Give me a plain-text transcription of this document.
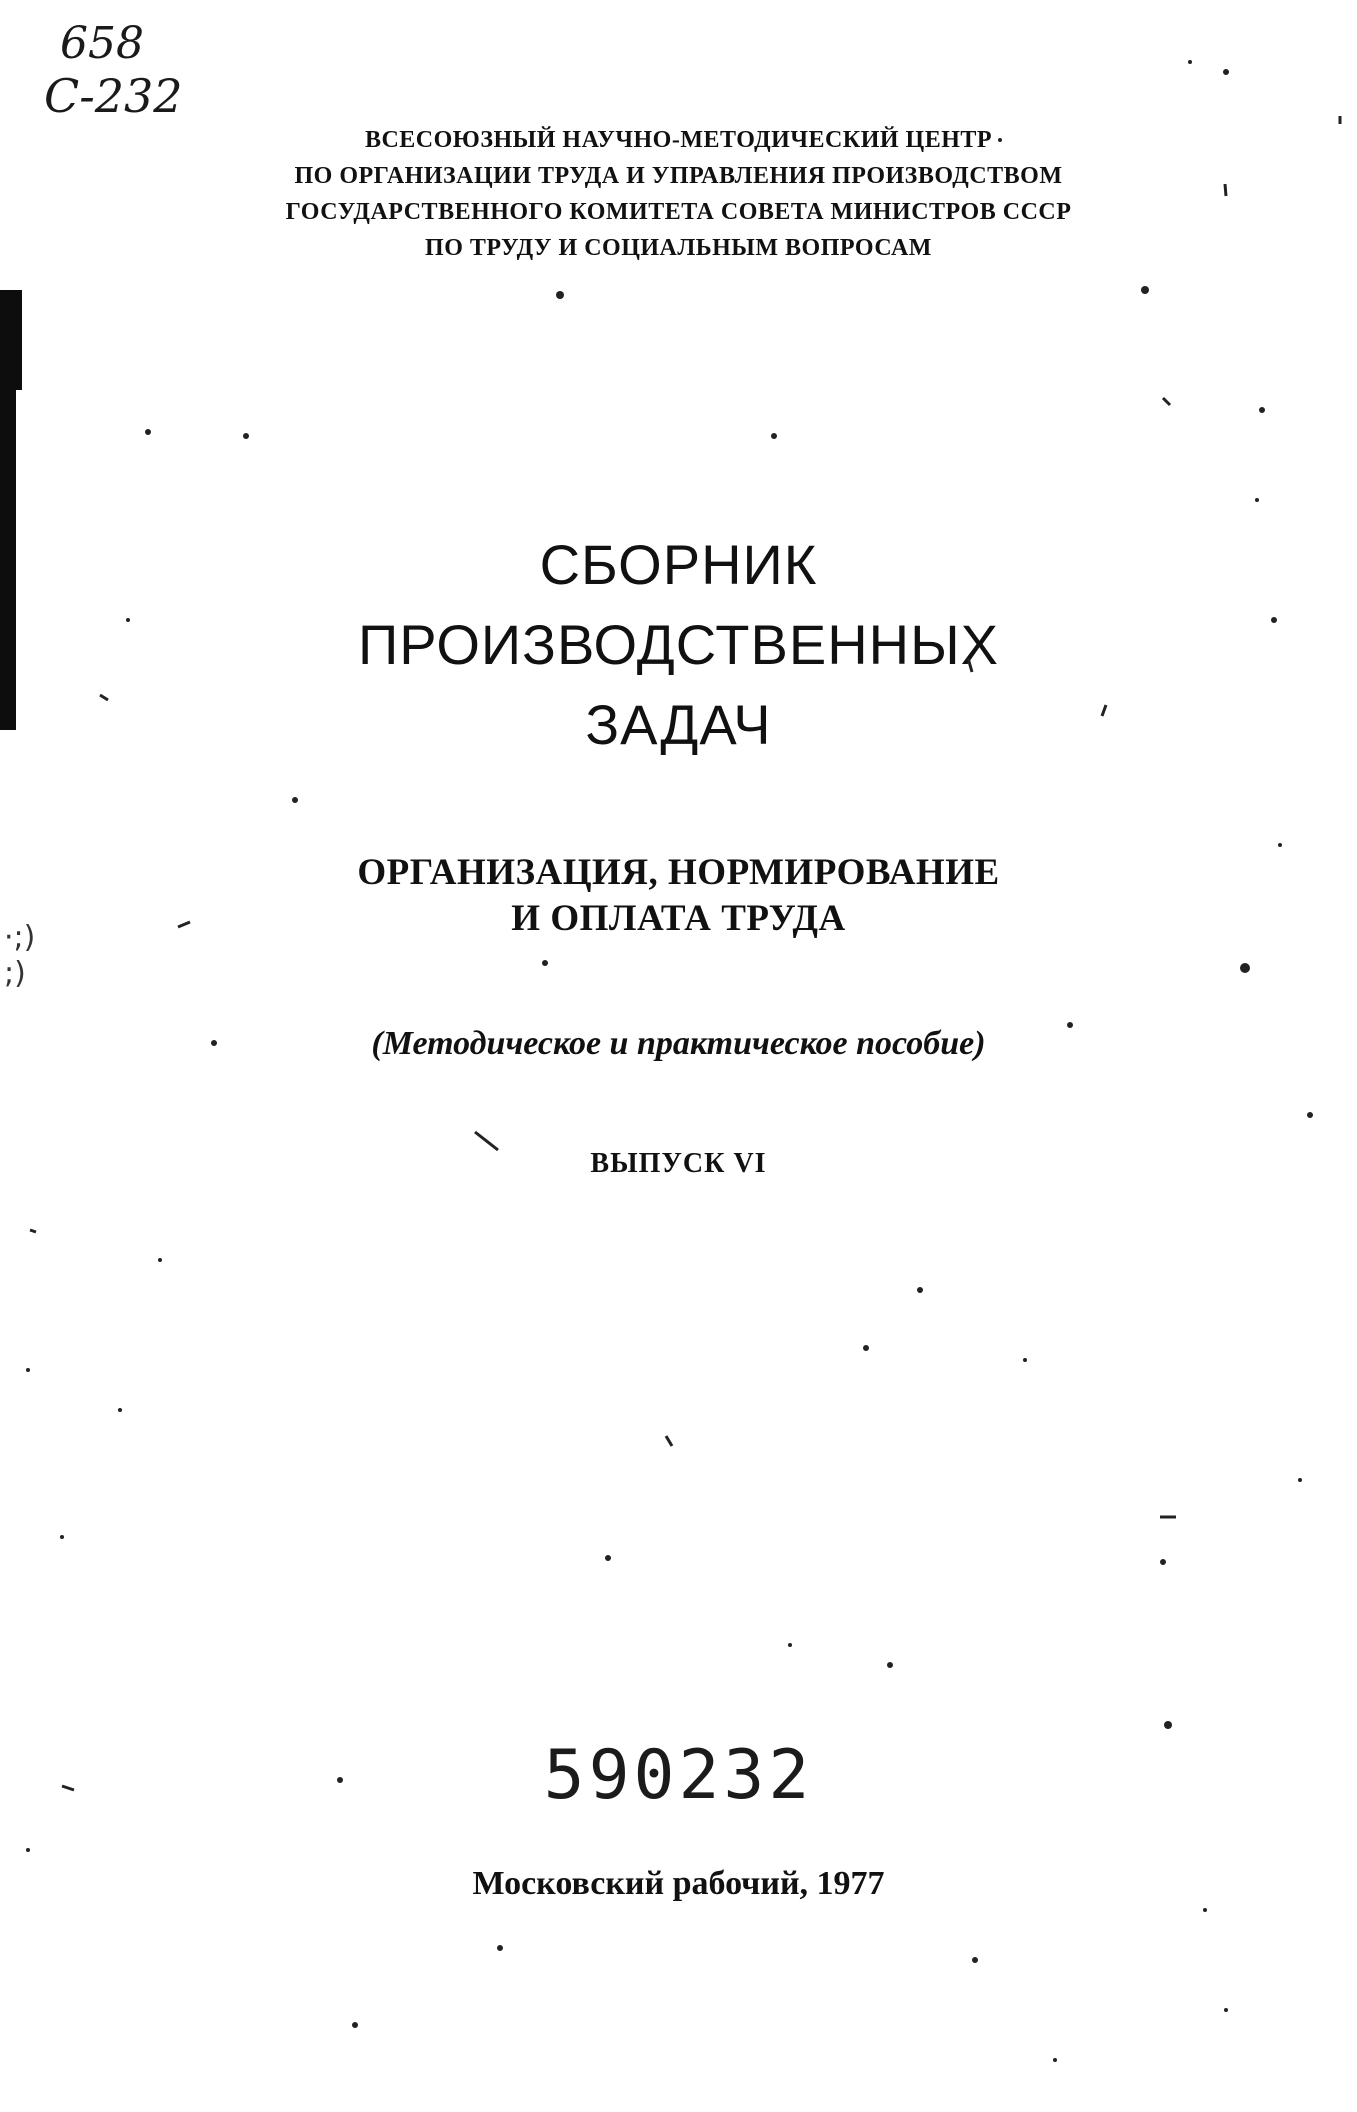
658
С-232
ВСЕСОЮЗНЫЙ НАУЧНО-МЕТОДИЧЕСКИЙ ЦЕНТР
ПО ОРГАНИЗАЦИИ ТРУДА И УПРАВЛЕНИЯ ПРОИЗВОДСТВОМ
ГОСУДАРСТВЕННОГО КОМИТЕТА СОВЕТА МИНИСТРОВ СССР
ПО ТРУДУ И СОЦИАЛЬНЫМ ВОПРОСАМ
СБОРНИК
ПРОИЗВОДСТВЕННЫХ
ЗАДАЧ
ОРГАНИЗАЦИЯ, НОРМИРОВАНИЕ
И ОПЛАТА ТРУДА
(Методическое и практическое пособие)
ВЫПУСК VI
590232
Московский рабочий, 1977
·;)
;)
